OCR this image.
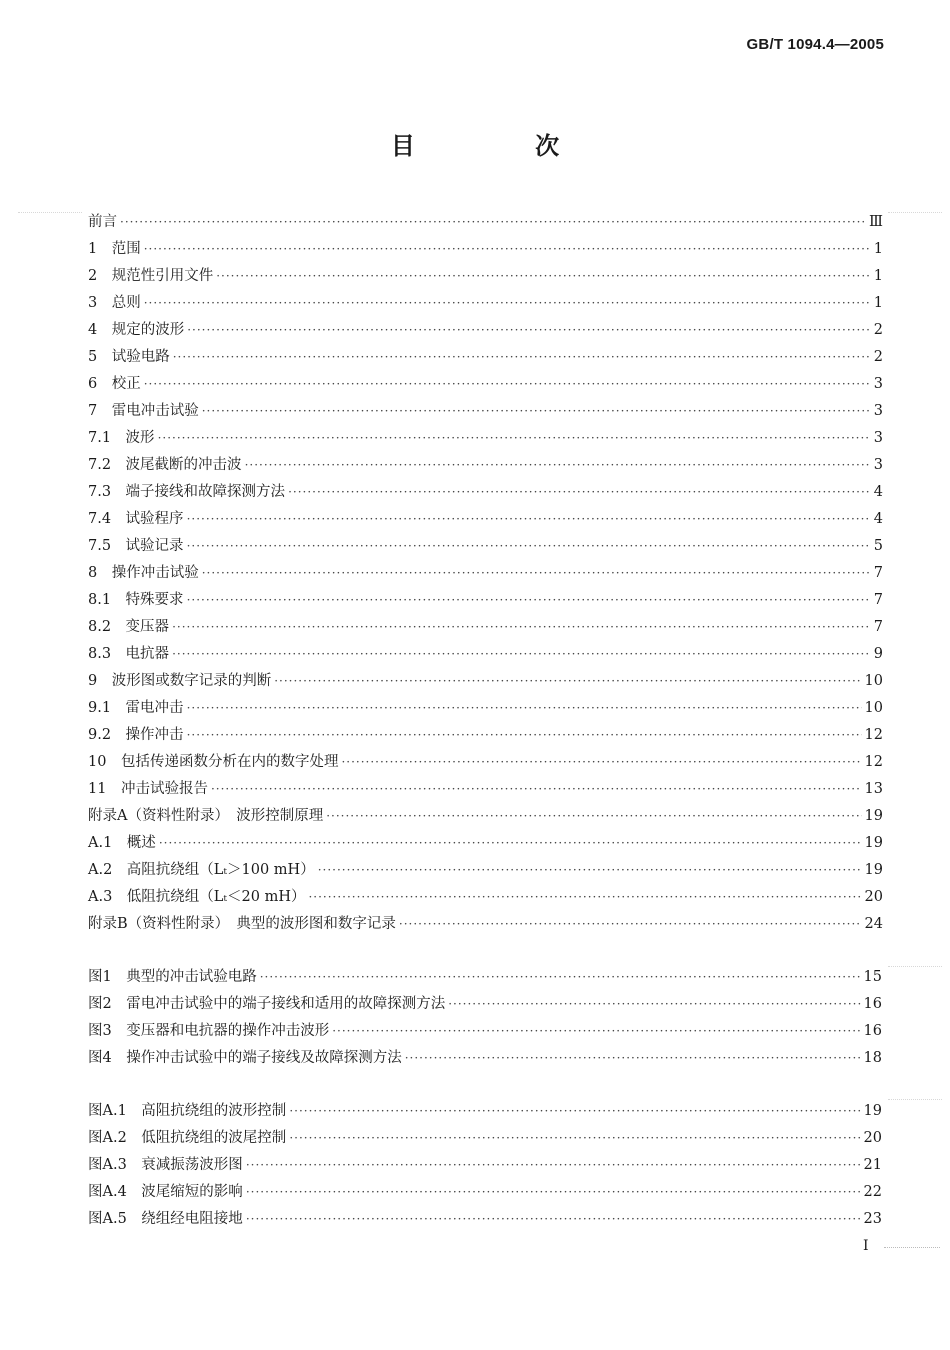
GB/T 1094.4—2005
目 次
前言 ·····	Ⅲ
1　范围 ·····	1
2　规范性引用文件 ·····	1
3　总则 ·····	1
4　规定的波形 ·····	2
5　试验电路 ·····	2
6　校正 ·····	3
7　雷电冲击试验 ·····	3
7.1　波形 ·····	3
7.2　波尾截断的冲击波 ·····	3
7.3　端子接线和故障探测方法 ·····	4
7.4　试验程序 ·····	4
7.5　试验记录 ·····	5
8　操作冲击试验 ·····	7
8.1　特殊要求 ·····	7
8.2　变压器 ·····	7
8.3　电抗器 ·····	9
9　波形图或数字记录的判断 ·····	10
9.1　雷电冲击 ·····	10
9.2　操作冲击 ·····	12
10　包括传递函数分析在内的数字处理 ·····	12
11　冲击试验报告 ·····	13
附录A（资料性附录）　波形控制原理 ·····	19
A.1　概述 ·····	19
A.2　高阻抗绕组（Lₜ＞100 mH） ·····	19
A.3　低阻抗绕组（Lₜ＜20 mH） ·····	20
附录B（资料性附录）　典型的波形图和数字记录 ·····	24
图1　典型的冲击试验电路 ·····	15
图2　雷电冲击试验中的端子接线和适用的故障探测方法 ·····	16
图3　变压器和电抗器的操作冲击波形 ·····	16
图4　操作冲击试验中的端子接线及故障探测方法 ·····	18
图A.1　高阻抗绕组的波形控制 ·····	19
图A.2　低阻抗绕组的波尾控制 ·····	20
图A.3　衰减振荡波形图 ·····	21
图A.4　波尾缩短的影响 ·····	22
图A.5　绕组经电阻接地 ·····	23
Ⅰ
